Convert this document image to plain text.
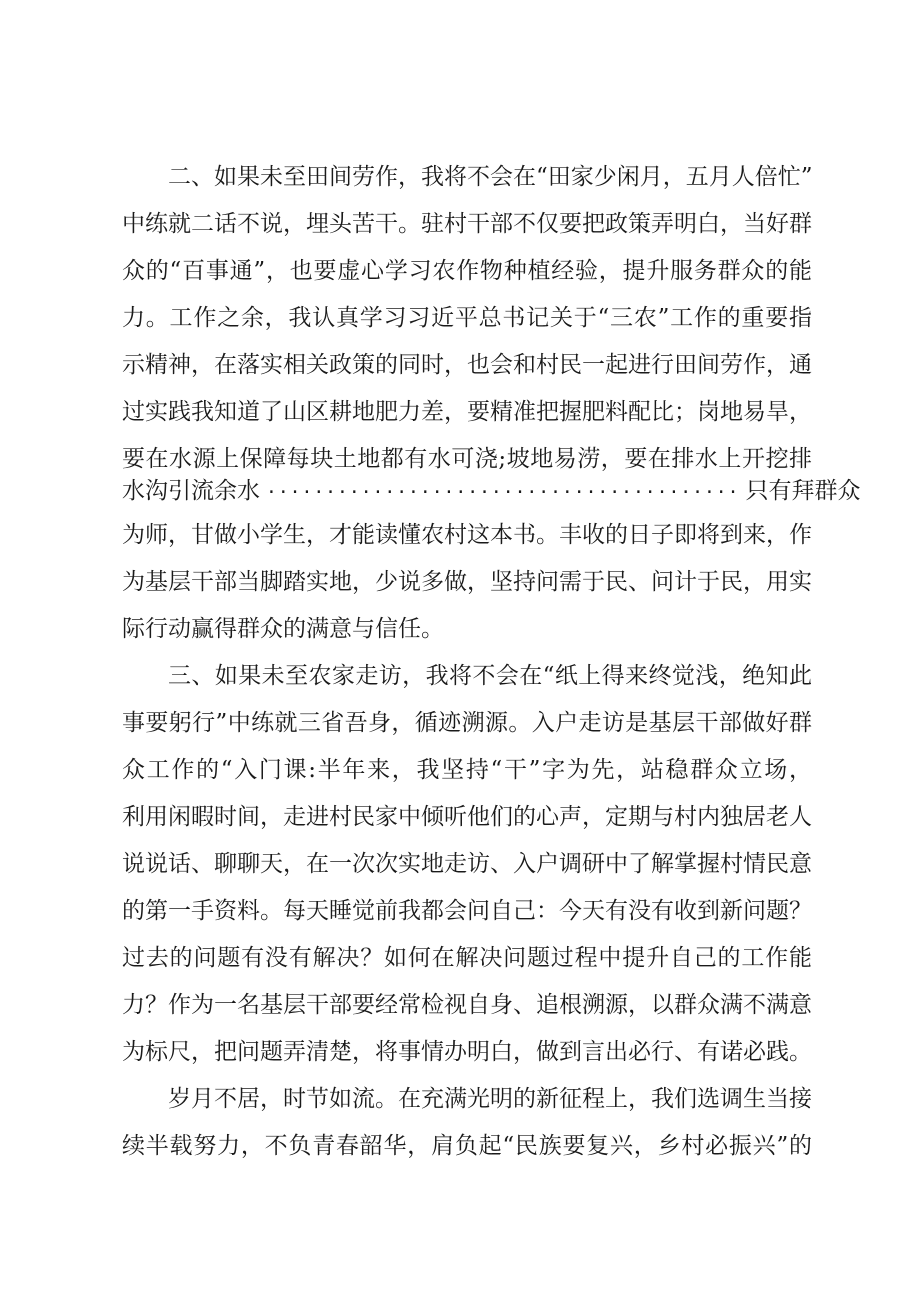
二、如果未至田间劳作，我将不会在“田家少闲月，五月人倍忙”
中练就二话不说，埋头苦干。驻村干部不仅要把政策弄明白，当好群
众的“百事通”，也要虚心学习农作物种植经验，提升服务群众的能
力。工作之余，我认真学习习近平总书记关于“三农”工作的重要指
示精神，在落实相关政策的同时，也会和村民一起进行田间劳作，通
过实践我知道了山区耕地肥力差，要精准把握肥料配比；岗地易旱，
要在水源上保障每块土地都有水可浇;坡地易涝，要在排水上开挖排
水沟引流余水 ........................................ 只有拜群众
为师，甘做小学生，才能读懂农村这本书。丰收的日子即将到来，作
为基层干部当脚踏实地，少说多做，坚持问需于民、问计于民，用实
际行动赢得群众的满意与信任。
三、如果未至农家走访，我将不会在“纸上得来终觉浅，绝知此
事要躬行”中练就三省吾身，循迹溯源。入户走访是基层干部做好群
众工作的“入门课:半年来，我坚持“干”字为先，站稳群众立场，
利用闲暇时间，走进村民家中倾听他们的心声，定期与村内独居老人
说说话、聊聊天，在一次次实地走访、入户调研中了解掌握村情民意
的第一手资料。每天睡觉前我都会问自己：今天有没有收到新问题？
过去的问题有没有解决？如何在解决问题过程中提升自己的工作能
力？作为一名基层干部要经常检视自身、追根溯源，以群众满不满意
为标尺，把问题弄清楚，将事情办明白，做到言出必行、有诺必践。
岁月不居，时节如流。在充满光明的新征程上，我们选调生当接
续半载努力，不负青春韶华，肩负起“民族要复兴，乡村必振兴”的
